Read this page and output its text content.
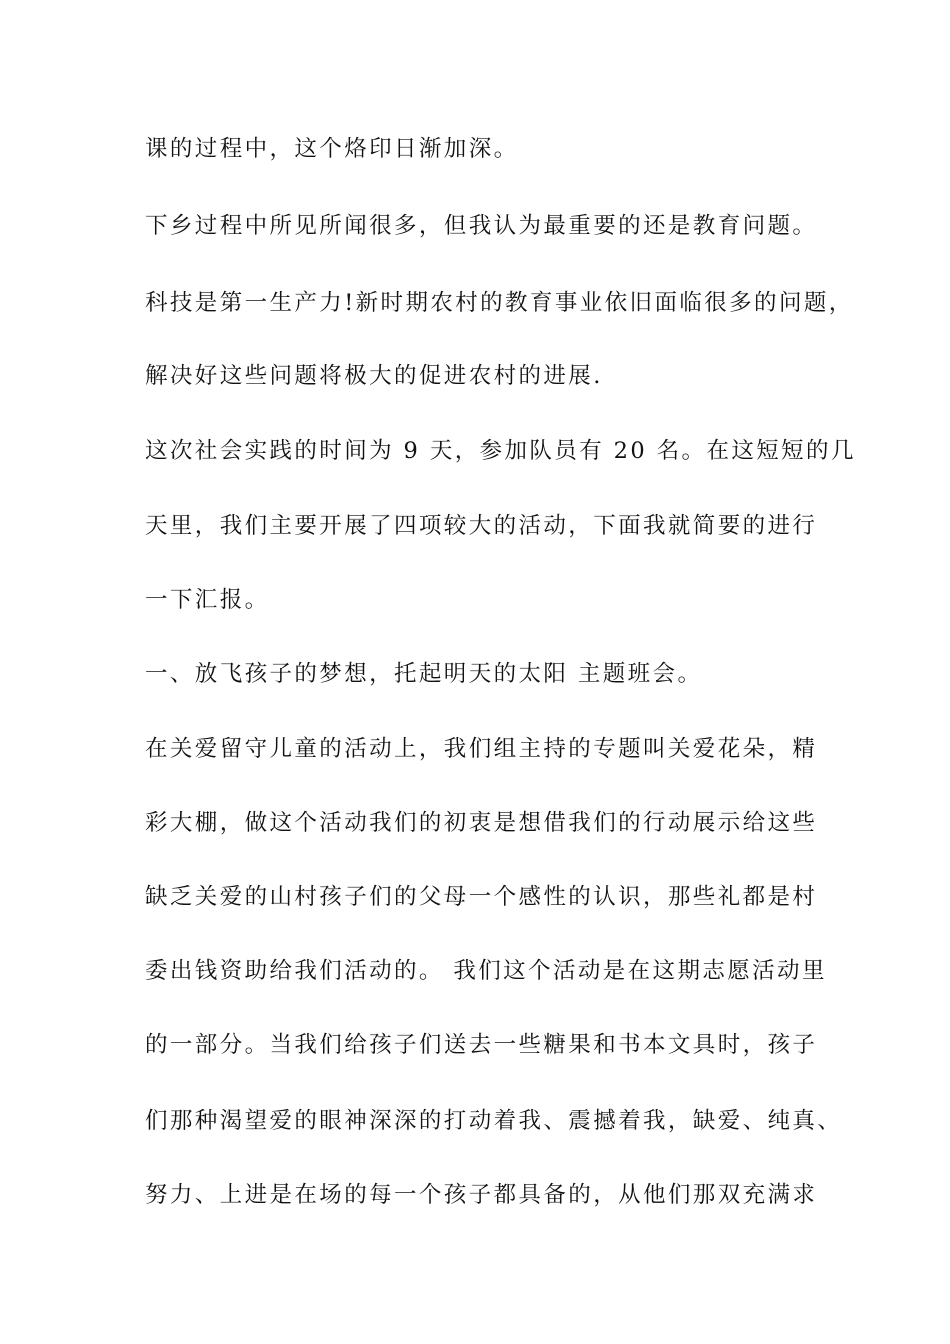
课的过程中，这个烙印日渐加深。
下乡过程中所见所闻很多，但我认为最重要的还是教育问题。
科技是第一生产力!新时期农村的教育事业依旧面临很多的问题，
解决好这些问题将极大的促进农村的进展.
这次社会实践的时间为 9 天，参加队员有 20 名。在这短短的几
天里，我们主要开展了四项较大的活动，下面我就简要的进行
一下汇报。
一、放飞孩子的梦想，托起明天的太阳 主题班会。
在关爱留守儿童的活动上，我们组主持的专题叫关爱花朵，精
彩大棚，做这个活动我们的初衷是想借我们的行动展示给这些
缺乏关爱的山村孩子们的父母一个感性的认识，那些礼都是村
委出钱资助给我们活动的。 我们这个活动是在这期志愿活动里
的一部分。当我们给孩子们送去一些糖果和书本文具时，孩子
们那种渴望爱的眼神深深的打动着我、震撼着我，缺爱、纯真、
努力、上进是在场的每一个孩子都具备的，从他们那双充满求
